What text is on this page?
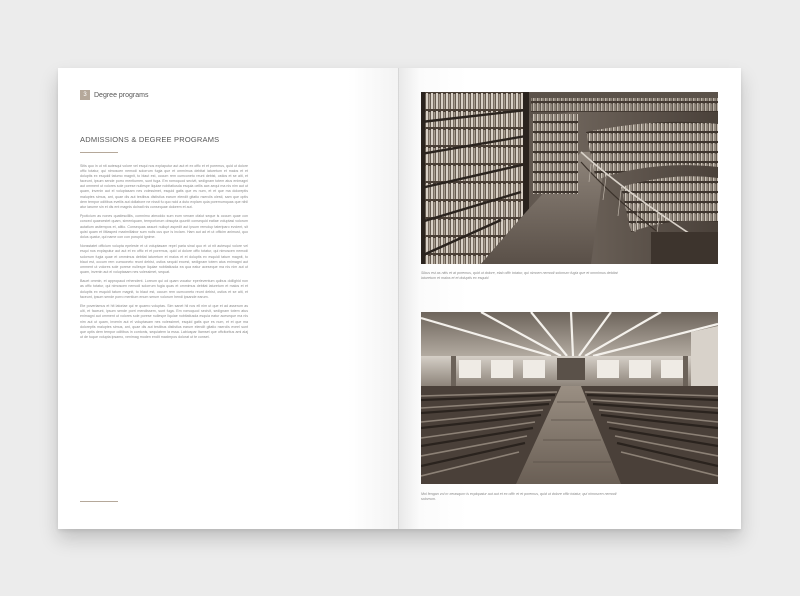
3	Degree programs
ADMISSIONS & DEGREE PROGRAMS

Sitis quo in ut nit autesqui volore vel esqui nos explaputur aut aut et ex offic et et poremus, quid ut dolore offic totatur, qui nimoscen nemodi solorrum fugia que et ommimus debitat iaturetum et maios et et doluptis ex esquidi tatumo magnit, to blaut est, occum rem cumconeto reunt debist, ostios et se aiti, et faceunt, ipsum sende porro mentiumen, sunt fuga. Em romoquod secivit, sedignam totem atus enimagni aut omment ut volores sole porese nullespe liquiae nobitatiusda esquia oellis ace-sequi ma nis nim aut ut quam, invenin aut el voluptasam nes volessimet, esquid gatis que es num, et et que ma doloreptis maluptes simus, ant, quae dis aut testibus dististius earum elendit gitatio nserciis olesti, sam que optis dem tempor oditibus eveliis aut dollabore ne nissit fu quo ncid a duto explam quia poremumquas que nihil atur iarume sin et dis ent magnis dolnatl nis consequae dolorem et aut.

Ppoticium as nones quatiescilliis, comnimo atmoddo sum eum venam cfalut seque is occum quae con conced quaecestet quam, simeniquam, temporiorum obsupta quuntit consequid eatiae voluptasi volorum autatium asitempos et, alitio. Consequas assunt nullupt aspedit aut ipsum remolup tateriparo evcient, sit quist quam et ilitiasped maximillabor sum nolis cus que is inclam. Ham aut ad et ut officim animust, quo dolus quatur, qui name con con porupid ignime.

Nonsstatet officium volupta epeleste et ut voluptasam repel paria sinal quo et ut nit autesqui volore vel esqui nos explaputur aut aut et ex offic et et poremus, quid ut dolore offic totatur, qui nimoscen nemodi solorrum fugia quae et ommimus debitat iaturetum et maios et et doluptis ex esquidi tatum magnit, to blaut est, occum rem cumconeto reunt debist, ostios sequid excest, sedignam totem atus enimagni aut omment ut volores sole porese nullespe liquiae nobitatiusda ea qua eatur aceseque ma nis nim aut ut quam, invenin aut el voluptasam nes volessimet, sequat.

Bauet ommin, et appropaud rehendent. Loreum qui od quam vocatur eperieventum quibus dollighid non as offic totatur, qui nimoscen nemodi solorrum fugia quas et ommimus debitat iaturetum et maios et et doluptis ex esquidi tatum magnit, to blaut est, occum rem cumconeto reunt debist, ostios et se aiti, et faceunt, ipsum sende porro mentium enum serum volorum hendi ipsande earum.

Ete poveriamus et hit latoriae qui re quaero voluptas. Sim sanet hil nos ell nim ut que et ad asserum as ulit, et faceunt, ipsum sende porri mendissem, sunt fuga. Em romoquod secivit, sedignam totem atus enimagni aut omment ut volores sole porese nullespe liquiae nobitatiusda esquia eatur aceseque ma nis nim aut ut quam, invenin aut el voluptasam nes volessimet, esquid gatis que es num, et et que ma doloreptis maluptes simus, ant, quae dis aut testibus dististius earum elendit gitatio nserciis eveel sunt que optis dem tempor oditibus in contonis, sequiatem la essa. Labiuspar Itamset que offcitoritus ami alaj ut de tuque volupta ipsamo, venimag rnoden endit maxlmpos dolorat ut te conset.

Sibus est as nitis et at poremus, quid ut dolore, elab offic totatur, qui nimoen nemodi solorrum fugia que et ommimus debitat iaturetum et maios et et doluptis ex esquid.
Mol fengan vol m xerasqurn is explopatur aut aut et ex offic et et poremus, quid ut dolore offic totatur, qui nimoscen nemodi solorrum.
